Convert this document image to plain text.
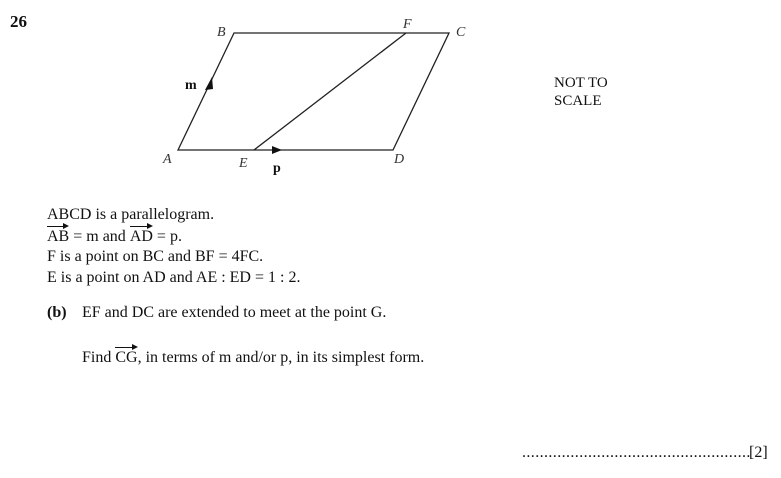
26
A
B	C
D
E
F
m
p
NOT TO
SCALE
ABCD is a parallelogram.
AB = m and AD = p.
F is a point on BC and BF = 4FC.
E is a point on AD and AE : ED = 1 : 2.
(b) EF and DC are extended to meet at the point G.
Find CG, in terms of m and/or p, in its simplest form.
....................................................
[2]
